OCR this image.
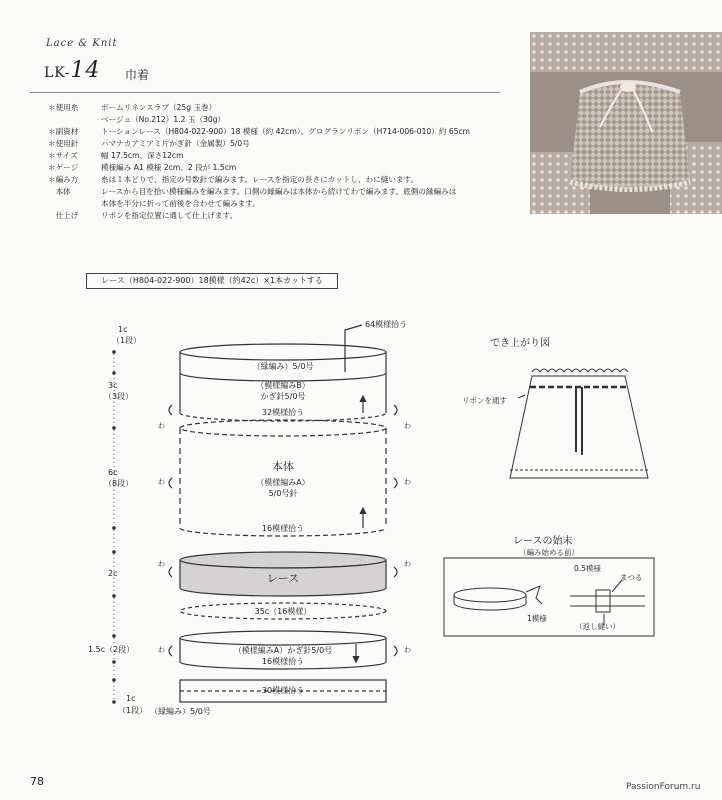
Lace & Knit
LK-14 巾着
＊使用糸	ボームリネンスラブ（25g 玉巻）
ベージュ（No.212）1.2 玉（30g）
＊副資材	トーションレース（H804-022-900）18 模様（約 42cm）、グログランリボン（H714-006-010）約 65cm
＊使用針	ハマナカアミアミ片かぎ針（金属製）5/0号
＊サイズ	幅 17.5cm、深さ12cm
＊ゲージ	模様編み A1 模様 2cm、2 段が 1.5cm
＊編み方	糸は１本どりで、指定の号数針で編みます。レースを指定の長さにカットし、わに縫います。
　本体	レースから目を拾い模様編みを編みます。口側の縁編みは本体から続けてわで編みます。底側の縁編みは
本体を半分に折って前後を合わせて編みます。
　仕上げ	リボンを指定位置に通して仕上げます。
レース（H804-022-900）18模様（約42c）×1本カットする
64模様拾う
（縁編み）5/0号
（模様編みB）
かぎ針5/0号
32模様拾う
本体
（模様編みA）
5/0号針
16模様拾う
レース
35c（16模様）
（模様編みA）かぎ針5/0号
16模様拾う
30模様拾う
（縁編み）5/0号
わ	わ
わ	わ
わ	わ
わ	わ
1c
（1段）
3c
（3段）
6c
（8段）
2c
1.5c（2段）
1c
（1段）
でき上がり図
リボンを通す
レースの始末
（編み始める前）
1模様
0.5模様
まつる
（返し縫い）
78	PassionForum.ru
